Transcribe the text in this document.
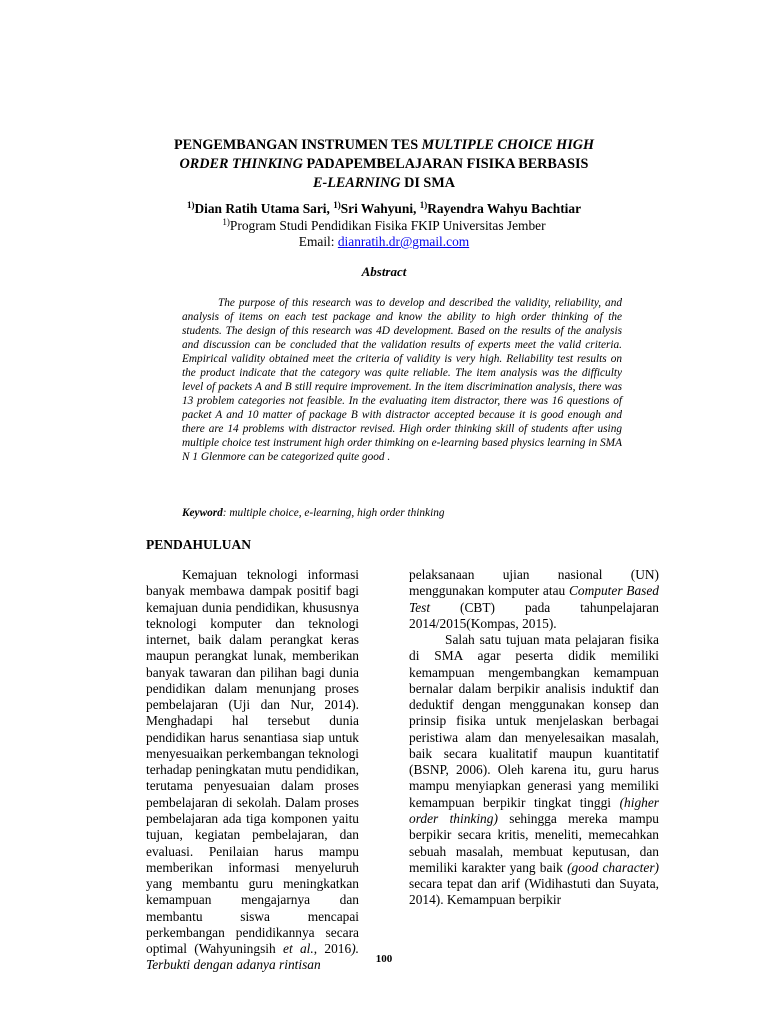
PENGEMBANGAN INSTRUMEN TES MULTIPLE CHOICE HIGH
ORDER THINKING PADAPEMBELAJARAN FISIKA BERBASIS
E-LEARNING DI SMA
$^{1)}$Dian Ratih Utama Sari, $^{1)}$Sri Wahyuni, $^{1)}$Rayendra Wahyu Bachtiar
$^{1)}$Program Studi Pendidikan Fisika FKIP Universitas Jember
Email: dianratih.dr@gmail.com
Abstract

The purpose of this research was to develop and described the validity, reliability, and analysis of items on each test package and know the ability to high order thinking of the students. The design of this research was 4D development. Based on the results of the analysis and discussion can be concluded that the validation results of experts meet the valid criteria. Empirical validity obtained meet the criteria of validity is very high. Reliability test results on the product indicate that the category was quite reliable. The item analysis was the difficulty level of packets A and B still require improvement. In the item discrimination analysis, there was 13 problem categories not feasible. In the evaluating item distractor, there was 16 questions of packet A and 10 matter of package B with distractor accepted because it is good enough and there are 14 problems with distractor revised. High order thinking skill of students after using multiple choice test instrument high order thimking on e-learning based physics learning in SMA N 1 Glenmore can be categorized quite good .

Keyword: multiple choice, e-learning, high order thinking
PENDAHULUAN

Kemajuan teknologi informasi banyak membawa dampak positif bagi kemajuan dunia pendidikan, khususnya teknologi komputer dan teknologi internet, baik dalam perangkat keras maupun perangkat lunak, memberikan banyak tawaran dan pilihan bagi dunia pendidikan dalam menunjang proses pembelajaran (Uji dan Nur, 2014). Menghadapi hal tersebut dunia pendidikan harus senantiasa siap untuk menyesuaikan perkembangan teknologi terhadap peningkatan mutu pendidikan, terutama penyesuaian dalam proses pembelajaran di sekolah. Dalam proses pembelajaran ada tiga komponen yaitu tujuan, kegiatan pembelajaran, dan evaluasi. Penilaian harus mampu memberikan informasi menyeluruh yang membantu guru meningkatkan kemampuan mengajarnya dan membantu siswa mencapai perkembangan pendidikannya secara optimal (Wahyuningsih et al., 2016). Terbukti dengan adanya rintisan

pelaksanaan ujian nasional (UN) menggunakan komputer atau Computer Based Test (CBT) pada tahunpelajaran 2014/2015(Kompas, 2015).

Salah satu tujuan mata pelajaran fisika di SMA agar peserta didik memiliki kemampuan mengembangkan kemampuan bernalar dalam berpikir analisis induktif dan deduktif dengan menggunakan konsep dan prinsip fisika untuk menjelaskan berbagai peristiwa alam dan menyelesaikan masalah, baik secara kualitatif maupun kuantitatif (BSNP, 2006). Oleh karena itu, guru harus mampu menyiapkan generasi yang memiliki kemampuan berpikir tingkat tinggi (higher order thinking) sehingga mereka mampu berpikir secara kritis, meneliti, memecahkan sebuah masalah, membuat keputusan, dan memiliki karakter yang baik (good character) secara tepat dan arif (Widihastuti dan Suyata, 2014). Kemampuan berpikir

100
